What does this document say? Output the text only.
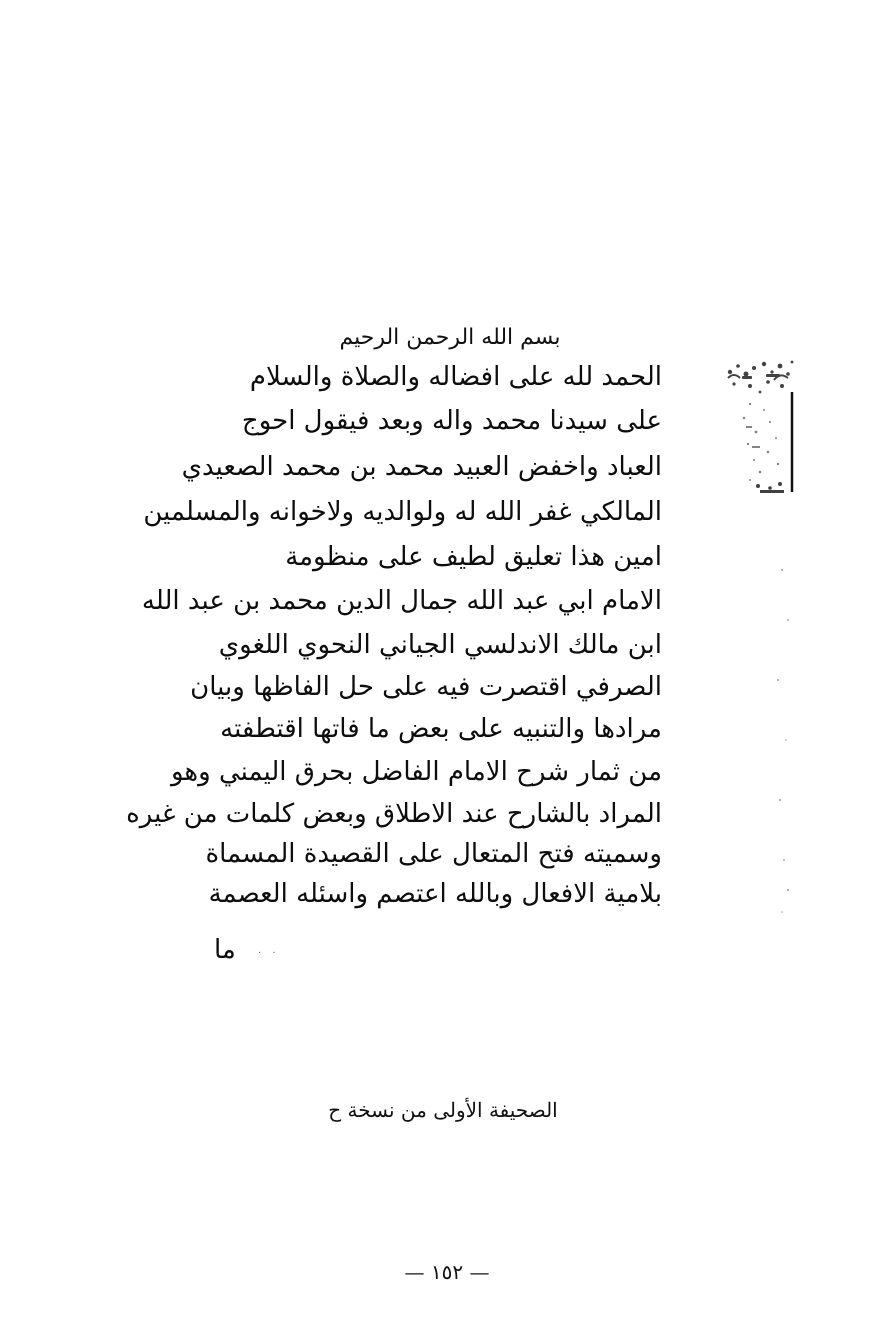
بسم الله الرحمن الرحيم
الحمد لله على افضاله والصلاة والسلام
على سيدنا محمد واله وبعد فيقول احوج
العباد واخفض العبيد محمد بن محمد الصعيدي
المالكي غفر الله له ولوالديه ولاخوانه والمسلمين
امين هذا تعليق لطيف على منظومة
الامام ابي عبد الله جمال الدين محمد بن عبد الله
ابن مالك الاندلسي الجياني النحوي اللغوي
الصرفي اقتصرت فيه على حل الفاظها وبيان
مرادها والتنبيه على بعض ما فاتها اقتطفته
من ثمار شرح الامام الفاضل بحرق اليمني وهو
المراد بالشارح عند الاطلاق وبعض كلمات من غيره
وسميته فتح المتعال على القصيدة المسماة
بلامية الافعال وبالله اعتصم واسئله العصمة
ما · ·
الصحيفة الأولى من نسخة ح
— ١٥٢ —
